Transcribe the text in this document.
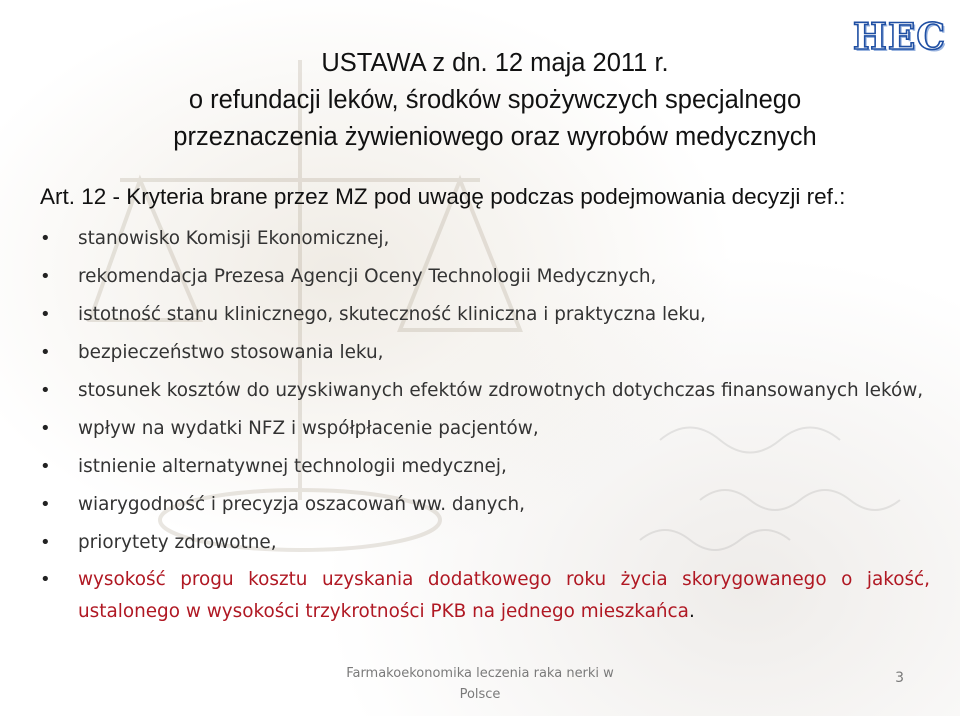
HEC
USTAWA z dn. 12 maja 2011 r.
o refundacji leków, środków spożywczych specjalnego
przeznaczenia żywieniowego oraz wyrobów medycznych
Art. 12 - Kryteria brane przez MZ pod uwagę podczas podejmowania decyzji ref.:
• stanowisko Komisji Ekonomicznej,
• rekomendacja Prezesa Agencji Oceny Technologii Medycznych,
• istotność stanu klinicznego, skuteczność kliniczna i praktyczna leku,
• bezpieczeństwo stosowania leku,
• stosunek kosztów do uzyskiwanych efektów zdrowotnych dotychczas finansowanych leków,
• wpływ na wydatki NFZ i współpłacenie pacjentów,
• istnienie alternatywnej technologii medycznej,
• wiarygodność i precyzja oszacowań ww. danych,
• priorytety zdrowotne,
• wysokość progu kosztu uzyskania dodatkowego roku życia skorygowanego o jakość, ustalonego w wysokości trzykrotności PKB na jednego mieszkańca.
Farmakoekonomika leczenia raka nerki w Polsce
3
